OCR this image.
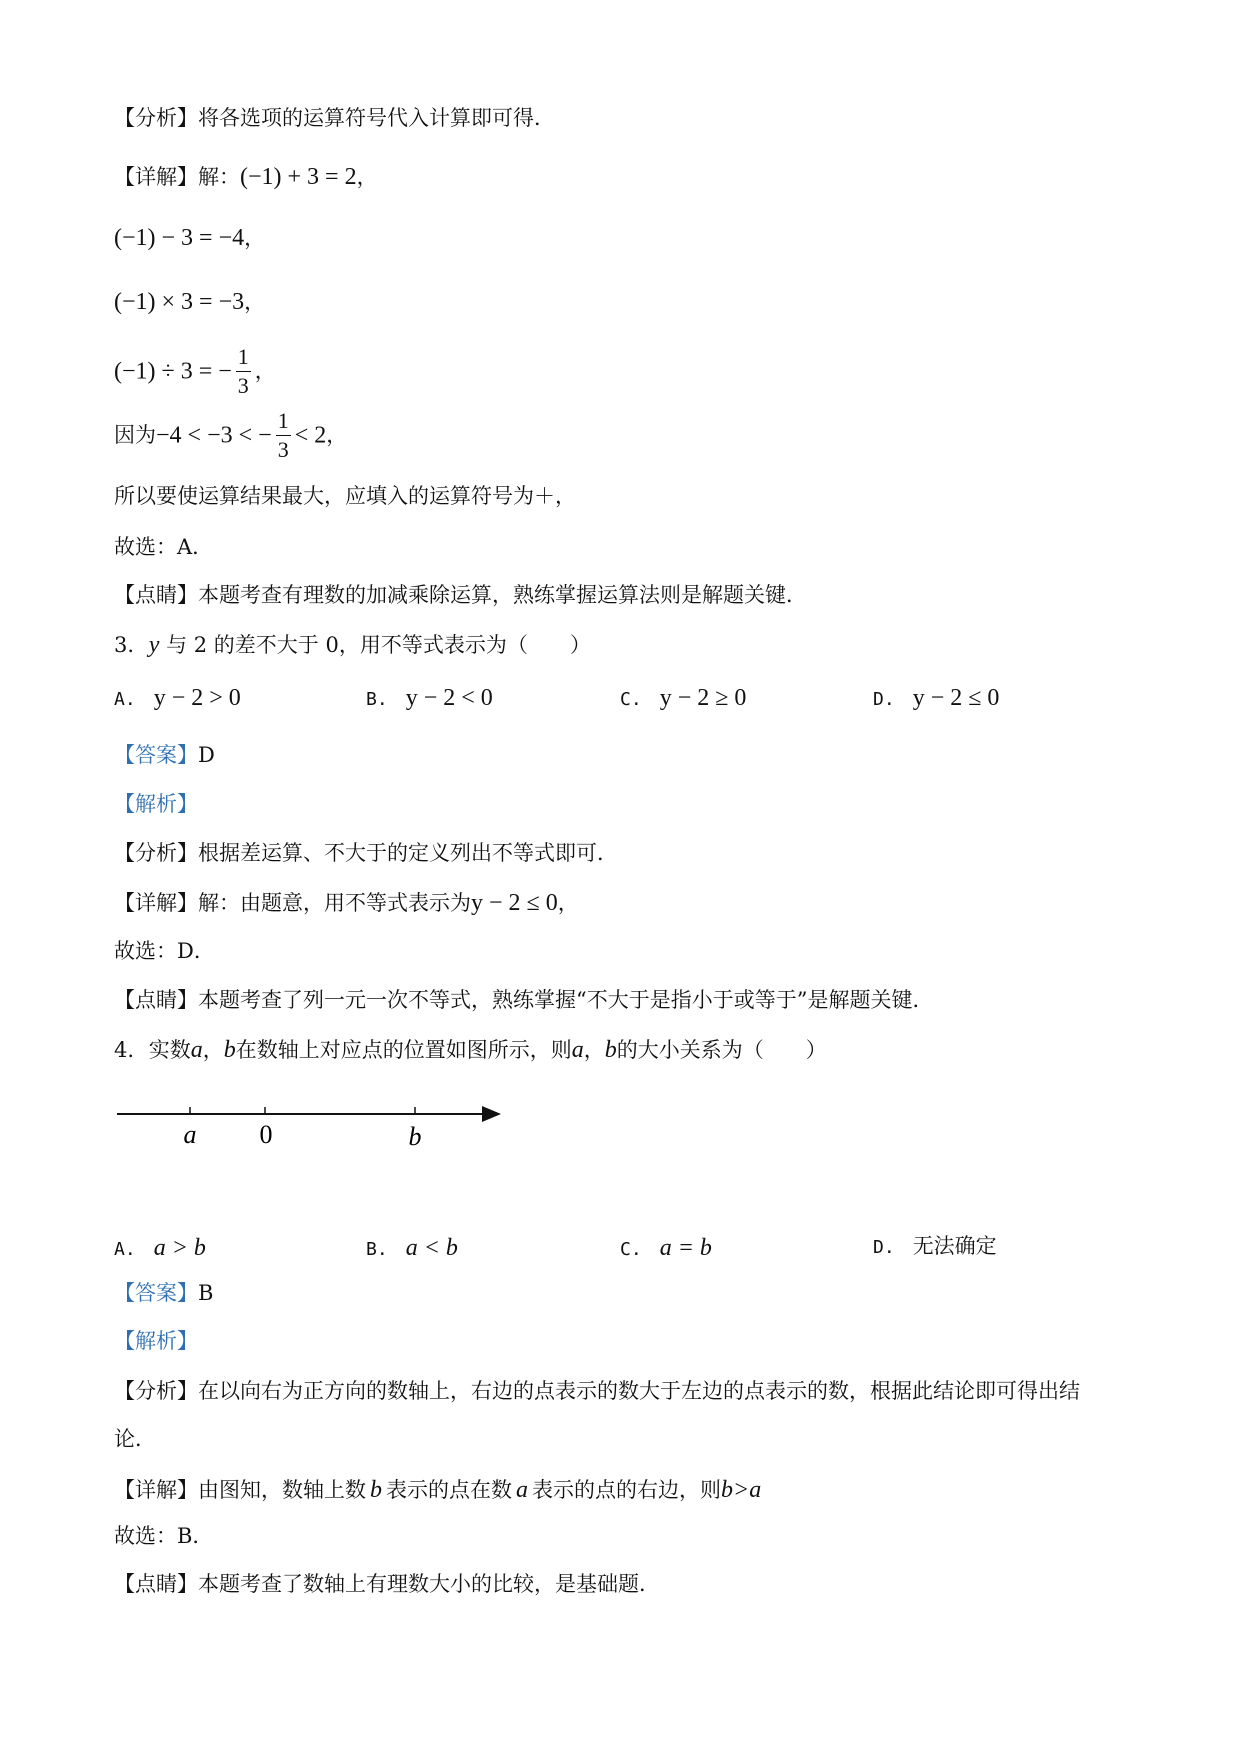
【分析】将各选项的运算符号代入计算即可得．
【详解】解：(−1) + 3 = 2，
(−1) − 3 = −4，
(−1) × 3 = −3，
(−1) ÷ 3 = − $\frac{1}{3}$ ，
因为−4 < −3 < − $\frac{1}{3} < 2$，
所以要使运算结果最大，应填入的运算符号为＋，
故选：A．
【点睛】本题考查有理数的加减乘除运算，熟练掌握运算法则是解题关键．
3. y 与 2 的差不大于 0，用不等式表示为（　　）
A. y − 2 > 0	B. y − 2 < 0	C. y − 2 ≥ 0	D. y − 2 ≤ 0
【答案】D
【解析】
【分析】根据差运算、不大于的定义列出不等式即可．
【详解】解：由题意，用不等式表示为y − 2 ≤ 0，
故选：D．
【点睛】本题考查了列一元一次不等式，熟练掌握“不大于是指小于或等于”是解题关键．
4. 实数a，b在数轴上对应点的位置如图所示，则a，b的大小关系为（　　）
a 0	b
A. a > b	B. a < b	C. a = b	D. 无法确定
【答案】B
【解析】
【分析】在以向右为正方向的数轴上，右边的点表示的数大于左边的点表示的数，根据此结论即可得出结
论．
【详解】由图知，数轴上数 b 表示的点在数 a 表示的点的右边，则b>a
故选：B．
【点睛】本题考查了数轴上有理数大小的比较，是基础题．
